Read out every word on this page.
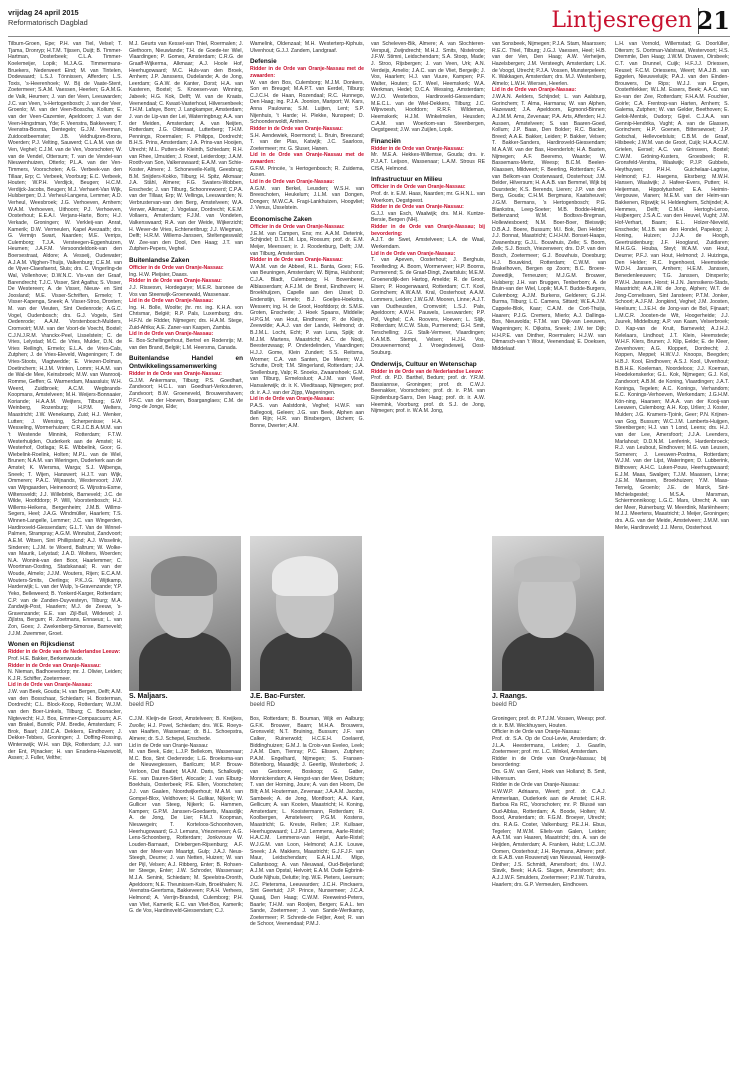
vrijdag 24 april 2015
Reformatorisch Dagblad	Lintjesregen 21

Tilburn-Groen, Epe; P.H. van Tiel, Velsel; T. Tjama, Dronryp; H.T.M. Tijssen, Duijt; B. Timmer-Hartman, Oosterbeek; C.L.A. Timmer-Koelemeijer, Lopik; M.J.A.G. Timmermans-Bruekers, Nederweert Eind; M. van Tintelen, Dodewaard; L.S.J. Tönnissen, Afferden; L.S. Toxis, 's-Heerenhoek; W. Bij de Vaate-Stent, Zoetermeer; S.A.M. Vaessen, Heerlen; G.A.M.G. de Valk, Heumen; J. van der Veen, Leeuwarden; J.C. van Veen, 's-Hertogenbosch; J. van der Veer, Groenlo; M. van der Veen-Bosscha, Kollum; E. van der Veen-Cazemier, Apeldoorn; J. van der Veen-Hingstman, Yde; F. Veenstra, Bakkeveen; T. Veenstra-Bosma, Dentegeln; G.J.M. Veerman, Zuidoostbeemster; J.B. Veldhuijzen-Brons, Woerden; P.J. Velting, Sauwerd; C.L.A.M. van de Ven, Veghel; C.J.M. van de Ven, Voorschoten; W. van de Vendel, Ottersum; T. van de Vendel-van Nieuwenhuizen, Otterlo; P.L.A. van der Ven-Timmers, Voorschoten; A.G. Verbeek-van den Tillaar, Erp; C. Verbeek, Voorburg; E.C. Verbeek, Houten; W.P.H. Verdijck, Beugen; H.C.M. Verdijck-Jacobs, Beugen; M.J. Verhaert-Van Wijk, Hulsbergen; D.J. Verheul-Langens, Lemmer; A.D. Verheul, Weesbroek; J.G. Verhoeven, Arnhem; W.A.M. Verhoeven, Uithoorn; P.J. Verhoeven, Oosterhout; E.E.A.I. Verjans-Harte, Born; H.J. Verkade, Groningen; W. Verkleij-van Anrat, Kamerik; D.W. Vermeulen, Kapel Avezaath; drs. G. Vermijn Swart, Naarden; M.E. Verrips, Culemborg; T.J.A. Versteegen-Eggenhuizen, Heumen; J.A.F.M. Versoondeldonk-van den Boersestraat, Aldore; A. Vesseij, Oudewater; A.J.A.M. Vlijghen-Thuijs, Valkenburg; C.E.M. van de Vijver-Claesfaerst, Sluis; drs. C. Vingerling-de Wal, Vollenhove; D.W.N.C. Vis-van der Graaf, Barendrecht; T.J.C. Visser, Sint Agatha; S. Visser, De Westereen; A. de Visser, Nieuw- en Sint Joosland; M.E. Visser-Schriften, Ermelo; T. Visser-Kapenga, Sneek; A. Visser-Stroo, Dronten; M. van der Vleuten, Sint Oedenrode; A.G.C. Vogel, Oudenbosch; drs. G.J. Vogels, Sint Oedenrode; A.A.M. Vorstenbosch-Mulders, Cromvoirt; M.M. van der Voort-de Voecht, Boxtel; C.J.N.J.R.M. Vranckx-Peel, Lisselstein; C. de Vries, Lelystad; M.C. de Vries, Mulder, D.N. de Vries Reilingh, Ermelo; E.L.A. de Vries-Cals, Zutphen; J. de Vries-Eleveld, Wageningen; T. de Vries-Stoots, Vlagtwedde; E. Vriezen-Dolman, Doetinchem; H.J.M. Vrinten, Lomm; H.A.M. van de Wal-de Mee, Keinsbroek; M.W. van Wanrooij-Romme, Geffen; G. Warmerdam, Maassluis; W.H. Weerd, Zuidbroek; A.C.M. Wegbrands-Koopmans, Amstelveen; M.H. Weijers-Bonnaaier, Koriande; H.A.A.M. Weijters, Tilburg; G.W. Weinberg, Rozenburg; H.P.M. Welters, Maastricht; J.W. Wenekamp, Zuid; H.J. Wenker, Lutten; J. Wensing, Scherpenisse; H.A. Wesseling, Wormerhuizen; C.R.J.C.B.A.M.M. van 't Westende Minnink, Rotterdam; F.T.W. Westerhuijden, Ouderkerk aan de Amstel; H. Westerhof, Ootlaga; R.E. Wibbelink, Goor; G. Wiebelink-Roelink, Holten; M.P.L. van de Wiel, Brunen; N.A.M. van Wieringen, Ouderkerk aan de Amstel; K. Wiersma, Warga; S.J. Wijbenga, Sneek; T. Wijen, Hanswert; H.J.T. van Wijk, Ommeren; P.A.C. Wijnands, Westervoort; J.W. van Wijngaarden, Heinenoord; G. Wijnstra-Esme, Wiltensveldt; J.J. Willebrink, Barneveld; J.C. de Wilde, Hoofddorp; P. Will, Voorstenbosch; H.J. Willems-Heikens, Bergenheim; J.M.B. Willms-Segers, Heel; J.A.G. Windmüller, Haarlem; T.S. Winnen-Langelle, Lemmer; J.C. van Wingerden, Hardinxveld-Giessendam; G.L.T. Van de Winnel-Palmen, Strampray; A.G.M. Winnubst, Zandvoort; A.E.M. Witsen, Sint Phillipsland; A.J. Wisselink, Sinderen; L.J.M. te Woerd, Baltrum; W. Wolke-van Maurik, Lelystad; J.A.D. Wolters, Woerden; N.A. Wonink-van den Boor, Haarlemmer; C. Woortman-Oosting, Stadskanaal; R. van der Woude, Almelo; J.J.M. Wouters, Rijen; E.C.A.M. Wouters-Smits, Oerlings; P.K.J.G. Wijtkamp, Harderwijk; L. van der Wulp, 's-Gravenzande; Y.P. Yeko, Belleweerd; B. Yonkerd-Karger, Rotterdam; C.P. van de Zanden-Duyvesteyn, Tilburg; M.A. Zandwijk-Post, Haarlem; M.J. de Zeeuw, 's-Gravenzande; E.E. van Zijl-Buil, Wildewol; J. Zijlstra, Bergum; R. Zoetmans, Ennaeus; L. van Zon, Goes; J. Zwekenberg-Simonse, Barneveld; J.J.M. Zwemmer, Groet.

Wonen en Rijksdienst

Ridder in de Orde van de Nederlandse Leeuw:

Prof. H.E. Bakker, Berkenwoude.

Ridder in de Orde van Oranje-Nassau:

N. Nieman, Badhoevedorp; mr. J. Olivier, Leiden; K.J.R. Schiffer, Zoetermeer.

Lid in de Orde van Oranje-Nassau:

J.W. van Beek, Gouda; H. van Bergen, Delft; A.M. van den Bosschaar, Schiedam; H. Bosterman, Dordrecht; C.L. Block-Koop, Rotterdam; W.J.M. van den Boer-Linkels, Tilburg; C. Boonacker, Nigtevecht; H.J. Bos, Emmer-Compascuum; A.F. van Brakel, Bunnik; P.M. Bredie, Amsterdam; F. Brok, Baarl; J.M.C.A. Dekkers, Eindhoven; J. Dekker-Tebbes, Groningen; J. Doffing-Rossing, Winterswijk; W.H. van Dijk, Rotterdam; J.J. van der Ent, Pijnacker; H. van Ensdens-Hazewold, Assen; J. Fuller, Velthe;

M.J. Geurts van Kessel-van Thiel, Roermalen; J. Giethoorn, Nieuwlande; T.H. de Goede-ter Wiel, Vlaardingen; P. Gomes, Amsterdam; C.R.G. de Graaff-Wijkerma, Alkmaar; A.J. Hoole Hof, Heerhugowaard; M.C. Huls-van den Broek, Arnhem; J.P. Janssens, Oudelande; A. de Jong, Leerdam; G.A.W. de Kanter, Dorst; H.A. van Kasteren, Boxtel; S. Knoesen-van Winning, Jabeek; H.G. Kok, Delft; W. van de Kraats, Veenendaal; C. Kwast-Vasterhout, Hilversenbeek; T.H.M. Lafaye, Born; J. Langkamper, Amsterdam; J. van de Lip-van der Lei, Waterringbrug; A.A. van der Meiden, Amsterdam; A. van Neijten, Rotterdam; J.G. Oldenaat, Lutterberg; T.H.M. Pennings, Roermalen; F. Philipps, Dordrecht; B.H.S. Prins, Amsterdam; J.A. Prins-van Hooijen, Utrecht; M.L. Putters-de Kleinth, Schiedam; R.H. van Rhee, IJmuiden; J. Roest, Leiderdorp; J.A.M. Rooth-van Son, Valkenswaard; E.A.M. van Schie-Koster, Almere; J. Schoneveile-Kellij, Geesbrug; B.M. Snijders-Kokko, Tilburg; H. Spitz, Alkmaar; J.A. Ståhl, Almere; F.G. Swaters-Wobben, Enschede; J. van Tilburg, Schoonrewoerd; C.P.A. van der Tillaar, Erp; W. Vellinga, Leeuwarden; N. Verbrustervan-van den Berg, Amstelveen; W.A. Verwer, Alkmaar; J. Vogelaar, Dordrecht; K.E.M. Vollaers, Amsterdam; F.J.M. van Vondeten, Valkenswaard; R.A. van der Weide, Wijkerzicht; H. Wever-de Vries, Echteneribrug; J.J. Wiegman, Delft; H.R.M. Willems-Janssen, Steltengeswald; W. Zee-van den Dool, Den Haag; J.T. van Zutphen-Pepers, Veghel.

Buitenlandse Zaken

Officier in de Orde van Oranje-Nassau:

Ing. H.W. Pleijsier, Daaxs.

Ridder in de Orde van Oranje-Nassau:

J.J. Rissesvn, Hordegarye; M.E.R. baronee de Vos van Steenwijk-Groenewald, Wassenaar.

Lid in de Orde van Oranje-Nassau:

Ing. H. Bolle, Woolte; jhr. mr. ing. K.H.A. von Chrismar, België; R.P. Pals, Luxemburg; drs. H.F.N. de Ridder, Nijmegen; drs. H.A.M. Stege, Zuid-Afrika; A.E. Zaner-van Kaspen, Zambia.

Lid in de Orde van Oranje-Nassau:

E. Bos-Schellingerhout, Bertrel en Rodenrijs; M. van den Brand, België; L.M. Heersma, Canada.

Buitenlandse Handel en Ontwikkelingssamenwerking

Ridder in de Orde van Oranje-Nassau:

G.J.M. Ankermans, Tilburg; P.S. Goedhart, Zandvoort; H.C.L. van Goedhart-Verkouteren, Zandvoort; B.W. Groeneveld, Brouwershaven; P.F.C. van der Hoeven, Boarganglaes; C.M. de Jong-de Jonge, Elde;

Wamelink, Oldenzaal; M.H. Westerterp-Kiphuis, Ulvenhout; G.J.J. Zandem, Landgraaf.

Defensie

Ridder in de Orde van Oranje-Nassau met de zwaarden:

W. van den Bos, Culemborg; M.J.M. Donkers, Son en Breugel; M.A.P.T. van Eerdel, Tilburg; C.J.C.H. de Haan, Rozendaal; R.C. Hunnego, Den Haag; ing. P.J.A. Joonion, Mariport; W. Kars, Anna Paulowna; S.M. Luijten, Lent; S.P. Nijenhuis, 't Harde; H. Plekke, Nunspeet; D. Schoonderwoldt, Arnhem.

Ridder in de Orde van Oranje-Nassau:

S.H. Aendewiek, Roermond; L. Bruin, Breezand; T. van der Plas, Katwijk; J.C. Saarloos, Zoetermeer; mr. G. Sluser, Hanen.

Lid in de Orde van Oranje-Nassau met de zwaarden:

G.F.M. Princée, 's Hertogenbosch; R. Zuidema, Assen.

Lid in de Orde van Oranje-Nassau:

A.G.M. van Berkel, Leusden; W.S.H. van Breeschoten, Heukelum; J.L.M. van Dongen, Dongen; M.W.C.A. Fragi-Lankhuizen, Hoogvliet; J. Venus, IJsselstein.

Economische Zaken

Officier in de Orde van Oranje-Nassau:

J.E.M. van Campen, Ens; mr. A.A.M. Deterink, Schijndel; D.T.C.M. Lips, Roosum; prof. dr. E.M. Meijer, Meerssen; ir. J. Roodenburg, Delft; J.M. van Tilburg, Amsterdam.

Ridder in de Orde van Oranje-Nassau:

W.A.M. van de Abbeel, R.L. Banta, Goes; F.G. van Beuningen, Amsterdam; W. Bijma, Hulshorst; C.J.A. Bladt, Culemborg; H. Bovenberer, Alblasserdam; A.F.J.M. de Brest, Eindhoven; H. Broekhuijzen, Capelle aan den IJssel; D. Endenstijn, Ermelo; B.J. Goeljes-Hoekstra, Wessem; ing. H. de Groot, Hoofddorp; dr. S.M.E. Groten, Enschede; J. Hoek Spaans, Middelie; H.P.G.M. van Hout, Eindhoven; P. de Kleijn, Zeewolde; A.A.J. van der Lande, Helmond; dr. B.J.M.L. Locht, Echt; P. van Luna, Spijk; dr. M.J.M. Martens, Maastricht; A.C. de Nooij, Beesterzwaag; P. Onderdelinden, Vlaardingen; H.J.J. Gome, Klein Zundert; S.S. Reitsma, Wormer; C.A. van Santen, De Meern; W.J. Schutte, Drolt; T.M. Slingerland, Rotterdam; J.A. Snellenburg, Valp; R. Snoeks, Zwaanshoek; G.M. van Tilburg, Ermelosluot; A.J.M. van Vleet, Harsalerwijk; dr. ir. K. Vlieditsaap, Nijmegen; prof. dr. ir. A.J. van der Zijpp, Wageningen.

Lid in de Orde van Oranje-Nassau:

P.A.S. van Aalstdonk, Veghel; H.W.F. van Ballegooij, Geleen; J.G. van Beek, Alphen aan den Rijn; H.R. van Binsbergen, Uichem; G. Bonne, Dwerter; A.M.

van Scheleven-Bik, Almere; A. van Slochteren-Verspuij, Zwijndrecht; M.H.J. Smits, Nistelrode; J.F.W. Stimni, Leidschendam; S.A. Stoop, Made; J. Stroo, Rijsbergen; J. van Veen, Urk; A.N. Verdeijs, Arnelio; J.A.C. van de Vliet, Bergeijk; J. Vos, Haarlem; H.J. van Vuure, Kampen; P.F. Walter, Houten; G.T. Weel, Heemskerk; W.A. Werkman, Hedel; D.C.A. Wessing, Amsterdam; W.J.O. Westerbos, Hardinxveld-Giessendam; M.E.C.L. van de Wiel-Dekkers, Tilburg; J.C. Wijnvoesh, Hoofdorn; R.R.F. Wildeman, Heemskerk; H.J.M. Winkelmolen, Heusden; C.A.M. van Woerkom-van Steenbergen, Oegstgeest; J.W. van Zuijlen, Lopik.

Financiën

Ridder in de Orde van Oranje-Nassau:

Mr. M.E.A. Hekkes-Willemse, Gouda; drs. ir. P.J.A.T. Leijson, Wassenaar; L.A.M. Strous RE CISA, Helmond.

Infrastructuur en Milieu

Officier in de Orde van Oranje-Nassau:

Prof. dr. ir. E.M. Haas, Naarden; mr. G.H.N.L. van Woerkom, Oegstgeest.

Ridder in de Orde van Oranje-Nassau:

G.J.J. van Esch, Waalwijk; drs. M.H. Kuntze-Bersie, Bergen (NH).

Ridder in de Orde van Oranje-Nassau; bij bevordering:

A.J.T. de Swet, Amstelveen; L.A. de Waal, Werkendam.

Lid in de Orde van Oranje-Nassau:

T. van Apeven, Oosterhout; J. Berghuis, Texelteding; A. Boom, Wormerveer; H.P. Boorns, Purmerend; S. de Graaf-Dingt, Zwartsluis; M.E.M. Groenendijk-den Hartog, Amelde; R. de Groot, Elsen; P. Hoogenwaard, Rotterdam; C.T. Kool, Gorinchem; A.W.A.M. Kral, Oosterhout; A.A.M. Lommers, Leiden; J.W.G.M. Mooren, Linne; A.J.T. van Oudheusden, Cromvoirt; L.S.J. Pals, Apeldoorn; A.W.H. Pauwels, Leeuwarden; P.P. Pol, Veghel; C.A. Roovers, Hoeven; L. Slijk, Rotterdam; M.C.W. Sluis, Purmerend; G.H. Smit, Terschelling; J.G. Stalk-Vermeer, Vlaardingen; K.A.M.B. Stempi, Velsen; H.J.H. Vos, Drouwenermond; J. Vroegindeweij, Oost-Souburg.

Onderwijs, Cultuur en Wetenschap

Ridder in de Orde van de Nederlandse Leeuw:

Prof. dr. P.D. Barthel, Bedum; prof. dr. Y.R.M. Bassiannse, Groningen; prof. dr. C.W.J. Beenakker, Voorschoten; prof. dr. ir. P.M. van Eijndenburg-Sarrs, Den Haag; prof. dr. ir. A.W. Heemink, Voorburg; prof. dr. S.J. de Jong, Nijmegen; prof. ir. W.A.M. Jong,

van Sonsbeek, Nijmegen; P.J.A. Stam, Maarssen; R.E.C. Thiel, Tilburg; J.G.J. Vaessen, Heel; H.B. van der Ven, Den Haag; A.W. Verheijen, Hazelsbergen; J.M. Versteegh, Amsterdam; L.K. de Voogd, Utrecht; P.J.A. Vossen, Munsterpeleen; K. Wakkagen, Amsterdam; drs. M.J. Westenberg, Almelo; L.W.H. Wiersen, Heerlen.

Lid in de Orde van Oranje-Nassau:

J.W.A.N. Aelders, Schijndel; L. van Aalsburg, Gorinchem; T. Alma, Harmana; W. van Alphen, Hazeward; J.A. Apeldoorn, Egmond-Binnen; A.J.M.M. Arns, Zevenaar; P.A. Arts, Afferden; H.J. Aussen, Amstelveen; S. van Baaren-Goed, Kollum; J.P. Baas, Den Bolder; R.C. Backer, Breed; A.A.E. Bakker, Leiden; P. Bakker, Velsen; T. Bakker-Sanders, Hardinxveld-Giessendam; M.A.A.W. van der Bas, Hoenderloh; H.A. Basten, Nijmegen; A.F. Beeremo, Waarde; W. Bassemans-Mertz, Weesp; B.C.M. Beelen-Klaassen, Mildveert; F. Beerling, Rotterdam; F.A. van Belkom-van Oosterwaard, Oosterhout; J.M. Belder, Hilversum; H. A.A.B. van Bemmel, Wijk bij Duurstede; K.S. Berends, Lieren; J.P. van den Berg, Gouda; C.H.M. Bergmans, Kaatsheuvel; J.G.M. Bermans, 's Hertogenbosch; P.G. Blankstra, Leeg-Soeter; M.B. Bodde-Hintel, Bettenzand; W.M. Bodtsvs-Bregman, Hollewiesboerd; N.M. Boer-Boer, Bleiswijk; D.B.A.J. Boere, Bussum; M.I. Bok, Den Helder; J.J. Bonnat, Maastricht; C.H.H.M. Bonset-Haaps, Zwanenburg; G.J.L. Bouwhuis, Zelle; S. Boom, Zelk; S.J. Bosch, Vriezenveen; drs. D.P. van den Bosch, Zoetermeer; G.J. Bouwhuis, Doesburg; H.J. Bouwkind, Rotterdam; C.W.M. van Brakelhoven, Bergen op Zoom; B.C. Broere-Zweedijk, Terneuzen; M.J.G.M. Brouwer, Hulsberg; J.H. van Bruggen, Tenberbom; A. de Bruin-van der Wiel, Lopik; M.A.T. Budde-Burgers, Culemborg; A.J.M. Burkens, Gelderen; G.J.H. Burma, Tilburg; L.C. Camera, Sittard; W.E.A.J.M. Cappele-Blok, Kaar; C.A.M. de Cort-Thuija, Haaren; P.J.G. Cremers, Mierlo; A.J. Dallinga-Bos, Nieuwolda; F.T.M. van Dijk-van Leeuwen, Wageningen; K. Dijkstra, Sneek; J.W. ter Dijk; H.H.P.E. van Dinther, Roermalen; H.J.W. van Ditmarsch-van 't Wout, Veenendaal; E. Doeksen, Middelaaf.

L.H. van Vornold, Willemstad; G. Doorlüller, Ditersm; S. Dortman-Valstraat, Westervoort; H.S. Dremmle, Den Haag; J.W.M. Druwen, Oirsbeek; C.T. van Drunnel, Cuijk; H.F.J.J. Driessen, Reusel; F.C.M. Driessens, Weert; M.A.J.B. van Eggelen, Nieuwveluijk; P.A.J. van den Einden-Brouwers, De Rips; W.J.J. van Engen, Oosterhlekker; W.L.M. Essers, Beek; A.A.C. van Es-van der Zee, Rotterdam; F.H.A.M. Fouchier, Goirle; C.A. Frentrop-van Harten, Arnhem; S. Galema, Zutphen; W. van Gelder, Beethoven; E. Gelok-Mentsk, Oudorp; Gijrel. C.J.A.A. van Gennip-Hendrika, Vught; A. van de Glassen, Gorinchem; H.P. Goenen, Bittersewoet; J.P. Gotschal, Hellevoetsluis; C.B.M. de Graaf, Hilsbeek; J.W.M. van de Groot, Cuijk; H.A.A.C.M. Grielen, Eersel; A.C. van Grinsven, Boxtel; C.W.M. Gröning-Kusters, Groesbeek; R. Gronsfeld-Verstra, Waalwijk; P.J.P. Gubbels, Heythuysen; P.H.H. Guichelaar-Lagrise, Helmond; F.J. Haegens, Eksrberg; M.W.H. Hansen, Waalwijk; J. Hafeer-Evers, Putten; H. Heijerman, Hippolytushoef; E.A. Heimin-Vergouwe, Vianen; M.E.M. van der Heim-van Bakkenen, Rijswijk; H. Heldenghem, Schijndel; A. Hemmes, Delft; C.M.H. Hertogh-Leroo, Huijbergen; J.S.A.C. van den Heuvel, Vught; J.M. Hof-Verhart, Baarn; E.L. Holzer-Nieveld, Enschede; M.J.B. van den Hondel, Papekop; J. Honing, Huizen; J.J.A. de Hoogh, Geertruidenburg; J.F. Hoogland, Zuidlaren; M.H.G.G. Houba, Steyl; W.A.M. van Hout, Deurne; P.F.J. van Hout, Helmond; J. Huizinga, Den Helder; R.C. Ingenhoest, Heemstede; W.D.H. Janssen, Arnhem; H.E.M. Janssen, Benedenleeuwen; T.G. Janssen, Dinxperlo; P.W.H. Janssen, Horst; H.J.N. Jannsikens-Stads, Maastricht; A.A.J.W. de Jong, Alphen; W.T. de Jong-Cornelissen, Sint Jansteen; P.T.M. Jonker, Schoorl; A.J.F.M. Jongkind, Veghel; J.M. Joosten, Heelsum; L.J.E.H. de Jong-van de Bol, Fijnaart; L.M.C.R. Joosten-de Wit, Hoogerheide; J.J. Juurek, Middelburg; A.P. van Kaam, Velserbroek; D. Kap-van de Kruit, Barneveld; A.J.H.J. Kelelaars, Lindhout; J.T. Klein, Heemstede; W.H.F. Klers, Brunen; J. Klip, Eelde; E. de Kleer, Zevenhoven; A.G. Kloppert, Dordrecht; J. Koppen, Meppel; H.W.V.J. Knoops, Beegden; H.B.J. Kool, Eindhoven; A.S.J. Kool, Ulvenhout; B.B.H.E. Koeleman, Noordeloos; J.J. Koeman, Hoedekenskerke; G.L. Kok, Nijmegen; G.J. Kol, Zandvoort; A.B.M. de Koning, Vlaardingen; J.A.T. Koninga, Tegelen; A.C. Konings, Verhandom; E.C. Konings-Verhoeven, Werkendam; J.G.H.M. Kön-ning, Haarsen; M.A.A. van der Kooij-van Leeuwen, Culemborg; A.H. Kop, Urlien; J. Koster, Mulden; J.G. Kramers-Tjoink, Geer; P.N. Krijnen-van Gog, Bussum; W.C.J.M. Lamberts-Huijgen, Steenbergen; H.J. van 't Lond, Leens; drs. H.J. van der Lee, Amersfoort; J.J.A. Leenders, Marlahout; D.D.N.M. Lenferink, Hardenbroeck; R.J. van Leubout, Eindhoven; M.G. van Leusen, Someren; J. Leeuwen-Postma, Rotterdam; W.J.M. van der Lijst, Wateringen; D. Lubberink, Bilthoven; A.H.C. Luken-Pouw, Heerhugowaard; E.J.M. Maas, Swalgen; T.J.M. Maassen, Linne; J.E.M. Maessen, Broekhuizen; Y.M. Maas-Ternelg, Groenlo; J.E. de Marck, Sint-Michielsgestel; M.S.A. Marsman, Schiermonnikoog; L.G.C. Mars, Utrecht; A. van der Meer, Ruinerburg; W. Meerdink, Mariënheem; M.J.J. Meertens, Maastricht; J. Meijer, Groningen; drs. A.G. van der Meide, Amstelveen; J.M.M. van Merle, Hardinxveld; J.J. Mens, Oosterhout.

S. Maljaars.
beeld RD
J.E. Bac-Furster.
beeld RD
J. Raangs.
beeld RD

C.J.M. Kleijn-de Groot, Amstelveen; B. Kreijkes, Zwolle; H.J. Povel, Schiedam; drs. W.E. Roeys-van Haaften, Wassenaar; dr. B.L. Schoepstra, Almere; dr. S.J. Schepel, Enschede.

Lid in de Orde van Oranje-Nassau:

M. van Beek, Ede; L.J.P. Bellekom, Wassenaar; M.C. Bos, Sint Oedenrode; L.G. Broeksma-van de Nieuwegiessen, Barilcum; M.P. Brouw-Verloon, Dat Baatet; M.A.M. Daris, Schalkwijk; F.E. van Dauren-Stiert, Alocade; J. van Elburg-Boekhuis, Oosterbeek; P.E. Ellen, Voorschoten; J.J. van Gaalen, Noordwijkerhout; M.A.M. van Gompel-Blox, Veldhoven; H. Gulikar, Nijkerk; W. Gullicer van Steeg, Nijkerk; G. Hammen, Kampen; G.P.M. Janssen-Goedaerts, Maasdijk; A. de Jong, De Lier; F.M.J. Koopman, Nieuwegein; T. Korteloos-Schoonhoven, Heerhugowaard; G.J. Lemans, Vriezenveen; A.G. Lens-Schoonberg, Rotterdam; Jonkvrouw W. Louden-Barnaart, Driebergen-Rijsenburg; A.F. van der Meer-van Maartgt, Gulp; J.A.J. Neus-Steegh, Deurne; J. van Netten, Huizen; W. van der Pijl, Velsen; A.J. Ribberg, Enter; B. Rohsen-ter Steege, Enter; J.W. Schroder, Wassenaar; M.J.A. Senink, Schiedam; M. Speelstra-Dronth, Apeldoorn; N.E. Theunissen-Kuin, Broekhalen; N. Veenstra-Geertsma, Bakkeveen; P.A.H. Verhees, Helmond; A. Verrijn-Brandsli, Culemborg; P.H. van Vliet, Kamerik; E.C. van Vliet-Bos, Kamerik; G. de Vos, Hardinxveld-Giessendam; C.J.

Bos, Rotterdam; B. Bouman, Wijk en Aalburg; G.F.K. Brouwer, Baarn; M.H.A. Brouwers, Gronsveld; N.T. Bruining, Bussum; J.F. van Calker, Ruinerwold; H.C.E.H. Coelaerd, Biddinghuizen; G.M.J. la Croix-van Eveleo, Leek; J.A.M. Dam, Tienray; P.C. Elissen, Zutphen; P.A.M. Engelhard, Nijmegen; S. Fransen-Bötenborg, Maasdijk; J. Geertig, Westerbork; J. van Gestoorer, Boskoop; G. Gatter, Monnickendam; A. Hengst-van der Meer, Doktum; T. van der Horning, Joure; A. van den Hoorn, De Bilt; A.M. Houterman, Zevenaar; J.A.A.M. Jacobs, Sambeek; A. de Jong, Montfoort; A.A. Kant, Gellicum; A. van Kooten, Maastricht; H. Koning, Amsterdam; L. Kooistermann, Rotterdam; R. Koolbergen, Amstelveen; P.G.M. Kostens, Maastricht; G. Kreute, Rellen; J.P. Kullsaer, Heerhugowaard; L.J.P.J. Lemmens, Aarle-Rixtel; H.A.C.M. Lemmens-van Heijst, Aarle-Rixtel; W.J.G.M. van Loon, Helmond; A.J.K. Louwe, Sneek; J.A. Makkers, Maastricht; G.J.F.J.F. van Maur, Leidschendam; E.A.H.L.M. Migo, Callantsoog; A. van Nieuwaal, Oud-Beijerland; A.J.M. van Opstal, Helvoirt; E.A.M. Oude Egbrink-Oude Nijhuis, Delutte; Ing. W.E. Pieters, Leersum; J.C. Pietersma, Leeuwarden; J.C.H. Pinckaers, Sint Geertuid; J.P. Prince, Nunsemeer; J.C.A. Quaaij, Den Haag; C.W.M. Reeweind-Peters, Baarle; T.H.M. van Rooijen, Bergen; E.A.L. ten Sande, Zoetermeer; J. van Sande-Wertkamp, Zoetermeer; P. Schrede-de Feljter, Axel; R. van de Schoor, Veenendaal; P.M.J.

Groningen; prof. dr. P.T.J.M. Vossen, Weesp; prof. dr. ir. B.M. Weckhuysen, Houten.

Officier in de Orde van Oranje-Nassau:

Prof. dr. S.A. Op de Coul-Levie, Amsterdam; dr. J.L.A. Heestermans, Leiden; J. Gaarlin, Zoetermeer; prof. mr. L.C. Winkel, Amsterdam.

Ridder in de Orde van Oranje-Nassau; bij bevordering:

Drs. G.W. van Gent, Hoek van Holland; B. Smit, Hilversum.

Ridder in de Orde van Oranje-Nassau:

H.W.W.P. Adriaans, Weert; prof. dr. C.A.J. Ammerlaan, Ouderkerk aan de Amstel; C.H.R. Barboa Ra RC, Voorschoten; mr. P. Blussé van Oud-Alblas, Rotterdam; A. Boode, Holten; M. Bood, Amsterdam; dr. F.G.M. Broeyer, Utrecht; drs. R.A.G. Coster, Valkenburg; P.E.J.H. Ebus, Tegelen; M.W.M. Eliels-van Galen, Leiden; A.A.T.M. van Haaren, Maastricht; drs. A. van de Heijden, Amsterdam; A. Franken, Hulst; L.C.J.M. Oomen, Oosterhout; J.H. Reymans, Almere; prof. dr. E.A.B. van Rouwenzij van Nieuwaal, Heeswijk-Dinther; J.S. Schmidt, Amersfoort; drs. I.W.J. Slavik, Beek; H.A.G. Slagen, Amersfoort; drs. A.J.J.W.F. Smulders, Zoetermeer; P.J.W. Tuinstra, Haarlem; drs. G.P. Vermeulen, Eindhoven.
